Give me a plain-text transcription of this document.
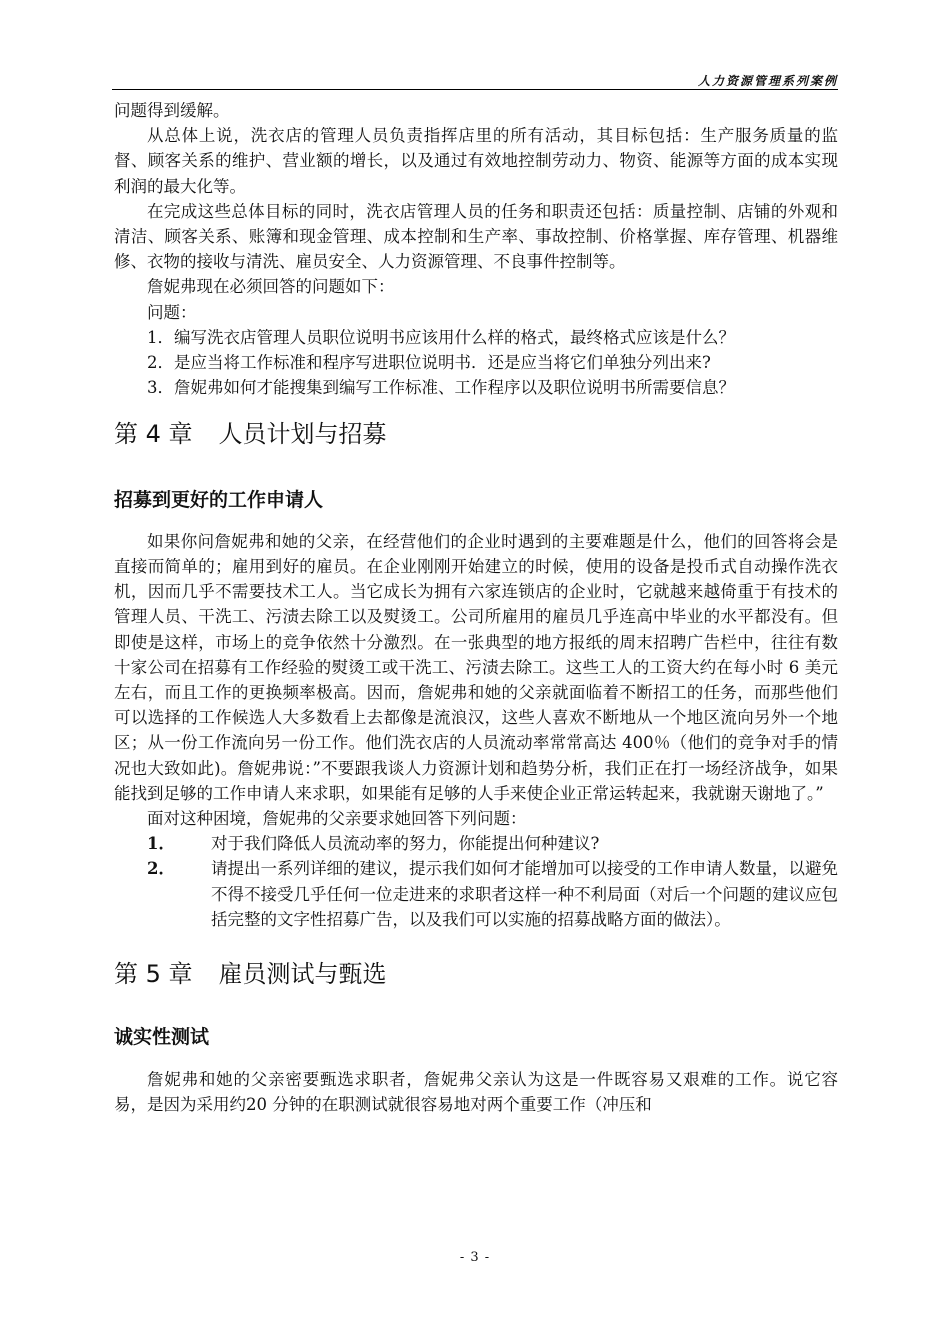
人力资源管理系列案例

问题得到缓解。

从总体上说，洗衣店的管理人员负责指挥店里的所有活动，其目标包括：生产服务质量的监督、顾客关系的维护、营业额的增长，以及通过有效地控制劳动力、物资、能源等方面的成本实现利润的最大化等。

在完成这些总体目标的同时，洗衣店管理人员的任务和职责还包括：质量控制、店铺的外观和清洁、顾客关系、账簿和现金管理、成本控制和生产率、事故控制、价格掌握、库存管理、机器维修、衣物的接收与清洗、雇员安全、人力资源管理、不良事件控制等。

詹妮弗现在必须回答的问题如下：

问题：

1．编写洗衣店管理人员职位说明书应该用什么样的格式，最终格式应该是什么？

2．是应当将工作标准和程序写进职位说明书．还是应当将它们单独分列出来?

3．詹妮弗如何才能搜集到编写工作标准、工作程序以及职位说明书所需要信息？

第 4 章 人员计划与招募
招募到更好的工作申请人

如果你问詹妮弗和她的父亲，在经营他们的企业时遇到的主要难题是什么，他们的回答将会是直接而简单的；雇用到好的雇员。在企业刚刚开始建立的时候，使用的设备是投币式自动操作洗衣机，因而几乎不需要技术工人。当它成长为拥有六家连锁店的企业时，它就越来越倚重于有技术的管理人员、干洗工、污渍去除工以及熨烫工。公司所雇用的雇员几乎连高中毕业的水平都没有。但即使是这样，市场上的竞争依然十分激烈。在一张典型的地方报纸的周末招聘广告栏中，往往有数十家公司在招募有工作经验的熨烫工或干洗工、污渍去除工。这些工人的工资大约在每小时 6 美元左右，而且工作的更换频率极高。因而，詹妮弗和她的父亲就面临着不断招工的任务，而那些他们可以选择的工作候选人大多数看上去都像是流浪汉，这些人喜欢不断地从一个地区流向另外一个地区；从一份工作流向另一份工作。他们洗衣店的人员流动率常常高达 400％（他们的竞争对手的情况也大致如此)。詹妮弗说：”不要跟我谈人力资源计划和趋势分析，我们正在打一场经济战争，如果能找到足够的工作申请人来求职，如果能有足够的人手来使企业正常运转起来，我就谢天谢地了。”

面对这种困境，詹妮弗的父亲要求她回答下列问题：

1．	对于我们降低人员流动率的努力，你能提出何种建议?
2．	请提出一系列详细的建议，提示我们如何才能增加可以接受的工作申请人数量，以避免不得不接受几乎任何一位走进来的求职者这样一种不利局面（对后一个问题的建议应包括完整的文字性招募广告，以及我们可以实施的招募战略方面的做法）。
第 5 章 雇员测试与甄选
诚实性测试

詹妮弗和她的父亲密要甄选求职者，詹妮弗父亲认为这是一件既容易又艰难的工作。说它容易，是因为采用约20 分钟的在职测试就很容易地对两个重要工作（冲压和

- 3 -
